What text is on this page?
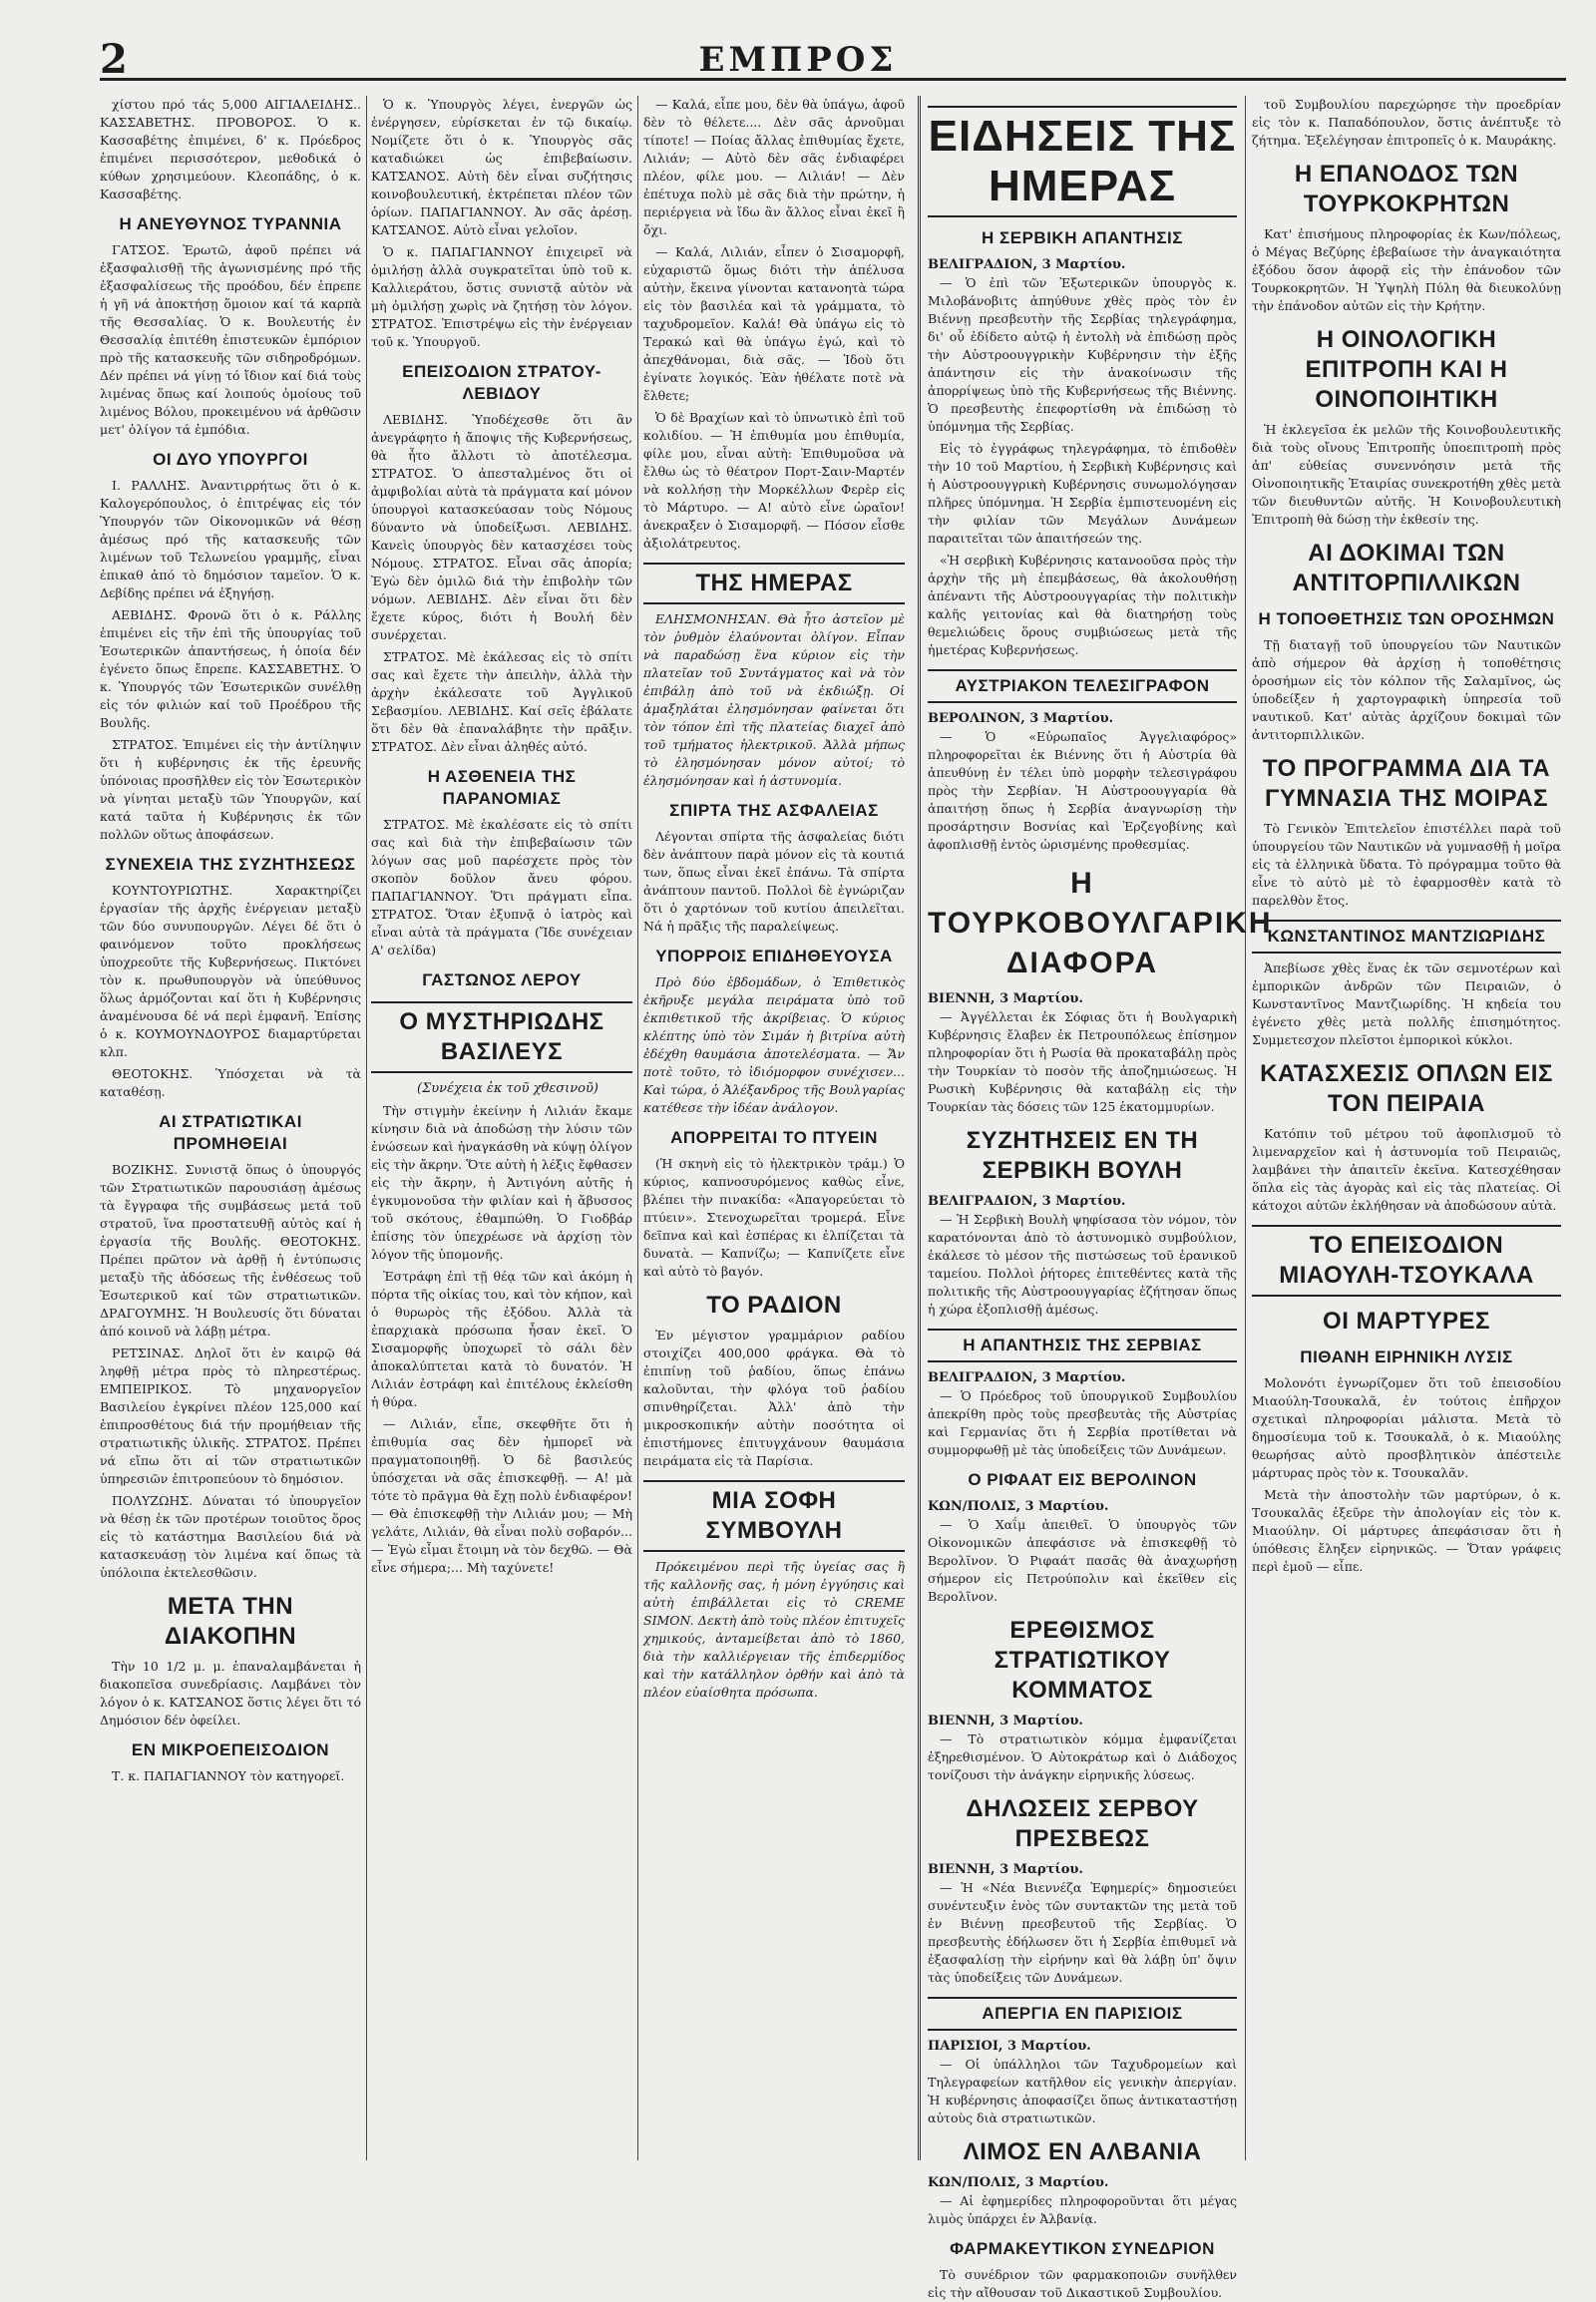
2	ΕΜΠΡΟΣ

χίστου πρό τάς 5,000 ΑΙΓΙΑΛΕΙΔΗΣ.. ΚΑΣΣΑΒΕΤΗΣ. ΠΡΟΒΟΡΟΣ. Ὁ κ. Κασσαβέτης ἐπιμένει, δ' κ. Πρόεδρος ἐπιμένει περισσότερον, μεθοδικά ὁ κύθων χρησιμεύουν. Κλεοπάδης, ὁ κ. Κασσαβέτης.

Η ΑΝΕΥΘΥΝΟΣ ΤΥΡΑΝΝΙΑ

ΓΑΤΣΟΣ. Ἐρωτῶ, ἀφοῦ πρέπει νά ἐξασφαλισθῇ τῆς ἀγωνισμένης πρό τῆς ἐξασφαλίσεως τῆς προόδου, δέν ἐπρεπε ἡ γῆ νά ἀποκτήσῃ ὅμοιον καί τά καρπὰ τῆς Θεσσαλίας. Ὁ κ. Βουλευτής ἐν Θεσσαλίᾳ ἐπιτέθη ἐπιστευκῶν ἐμπόριον πρὸ τῆς κατασκευῆς τῶν σιδηροδρόμων. Δέν πρέπει νά γίνῃ τό ἴδιον καί διά τοὺς λιμένας ὅπως καί λοιπούς ὁμοίους τοῦ λιμένος Βόλου, προκειμένου νά ἀρθῶσιν μετ' ὀλίγον τά ἐμπόδια.

ΟΙ ΔΥΟ ΥΠΟΥΡΓΟΙ

Ι. ΡΑΛΛΗΣ. Ἀναντιρρήτως ὅτι ὁ κ. Καλογερόπουλος, ὁ ἐπιτρέψας εἰς τόν Ὑπουργόν τῶν Οἰκονομικῶν νά θέσῃ ἀμέσως πρό τῆς κατασκευῆς τῶν λιμένων τοῦ Τελωνείου γραμμῆς, εἶναι ἐπικαθ ἀπό τὸ δημόσιον ταμεῖον. Ὁ κ. Δεβίδης πρέπει νά ἐξηγήσῃ.

ΑΕΒΙΔΗΣ. Φρονῶ ὅτι ὁ κ. Ράλλης ἐπιμένει εἰς τῆν ἐπὶ τῆς ὑπουργίας τοῦ Ἐσωτερικῶν ἀπαντήσεως, ἡ ὁποία δέν ἐγένετο ὅπως ἔπρεπε. ΚΑΣΣΑΒΕΤΗΣ. Ὁ κ. Ὑπουργός τῶν Ἐσωτερικῶν συνέλθῃ εἰς τόν φιλιών καί τοῦ Προέδρου τῆς Βουλῆς.

ΣΤΡΑΤΟΣ. Ἐπιμένει εἰς τὴν ἀντίληψιν ὅτι ἡ κυβέρνησις ἐκ τῆς ἐρευνῆς ὑπόνοιας προσῆλθεν εἰς τὸν Ἐσωτερικὸν νὰ γίνηται μεταξὺ τῶν Ὑπουργῶν, καί κατά ταῦτα ἡ Κυβέρνησις ἐκ τῶν πολλῶν οὕτως ἀποφάσεων.

ΣΥΝΕΧΕΙΑ ΤΗΣ ΣΥΖΗΤΗΣΕΩΣ

ΚΟΥΝΤΟΥΡΙΩΤΗΣ. Χαρακτηρίζει ἐργασίαν τῆς ἀρχῆς ἐνέργειαν μεταξὺ τῶν δύο συνυπουργῶν. Λέγει δέ ὅτι ὁ φαινόμενον τοῦτο προκλήσεως ὑποχρεοῦτε τῆς Κυβερνήσεως. Πικτόνει τὸν κ. πρωθυπουργὸν νὰ ὑπεύθυνος ὅλως ἀρμόζονται καί ὅτι ἡ Κυβέρνησις ἀναμένουσα δέ νά περὶ ἐμφανῆ. Ἐπίσης ὁ κ. ΚΟΥΜΟΥΝΔΟΥΡΟΣ διαμαρτύρεται κλπ.

ΘΕΟΤΟΚΗΣ. Ὑπόσχεται νὰ τὰ καταθέσῃ.

ΑΙ ΣΤΡΑΤΙΩΤΙΚΑΙ ΠΡΟΜΗΘΕΙΑΙ

ΒΟΖΙΚΗΣ. Συνιστᾷ ὅπως ὁ ὑπουργός τῶν Στρατιωτικῶν παρουσιάσῃ ἀμέσως τὰ ἔγγραφα τῆς συμβάσεως μετά τοῦ στρατοῦ, ἵνα προστατευθῇ αὐτὸς καί ἡ ἐργασία τῆς Βουλῆς. ΘΕΟΤΟΚΗΣ. Πρέπει πρῶτον νὰ ἀρθῇ ἡ ἐντύπωσις μεταξὺ τῆς ἀδόσεως τῆς ἐνθέσεως τοῦ Ἐσωτερικοῦ καί τῶν στρατιωτικῶν. ΔΡΑΓΟΥΜΗΣ. Ἡ Βουλευσίς ὅτι δύναται ἀπό κοινοῦ νὰ λάβῃ μέτρα.

ΡΕΤΣΙΝΑΣ. Δηλοῖ ὅτι ἐν καιρῷ θά ληφθῇ μέτρα πρὸς τὸ πληρεστέρως. ΕΜΠΕΙΡΙΚΟΣ. Τὸ μηχανοργεῖον Βασιλείου ἐγκρίνει πλέον 125,000 καί ἐπιπροσθέτους διά τήν προμήθειαν τῆς στρατιωτικῆς ὑλικῆς. ΣΤΡΑΤΟΣ. Πρέπει νά εἴπω ὅτι αἱ τῶν στρατιωτικῶν ὑπηρεσιῶν ἐπιτροπεύουν τὸ δημόσιον.

ΠΟΛΥΖΩΗΣ. Δύναται τό ὑπουργεῖον νὰ θέσῃ ἐκ τῶν προτέρων τοιοῦτος ὅρος εἰς τὸ κατάστημα Βασιλείου διά νὰ κατασκευάσῃ τὸν λιμένα καί ὅπως τὰ ὑπόλοιπα ἐκτελεσθῶσιν.

ΜΕΤΑ ΤΗΝ ΔΙΑΚΟΠΗΝ

Τὴν 10 1/2 μ. μ. ἐπαναλαμβάνεται ἡ διακοπεῖσα συνεδρίασις. Λαμβάνει τὸν λόγον ὁ κ. ΚΑΤΣΑΝΟΣ ὅστις λέγει ὅτι τό Δημόσιον δέν ὀφείλει.

ΕΝ ΜΙΚΡΟΕΠΕΙΣΟΔΙΟΝ

Τ. κ. ΠΑΠΑΓΙΑΝΝΟΥ τὸν κατηγορεῖ.

Ὁ κ. Ὑπουργὸς λέγει, ἐνεργῶν ὡς ἐνέργησεν, εὑρίσκεται ἐν τῷ δικαίῳ. Νομίζετε ὅτι ὁ κ. Ὑπουργὸς σᾶς καταδιώκει ὡς ἐπιβεβαίωσιν. ΚΑΤΣΑΝΟΣ. Αὐτὴ δὲν εἶναι συζήτησις κοινοβουλευτική, ἐκτρέπεται πλέον τῶν ὁρίων. ΠΑΠΑΓΙΑΝΝΟΥ. Ἀν σᾶς ἀρέσῃ. ΚΑΤΣΑΝΟΣ. Αὐτὸ εἶναι γελοῖον.

Ὁ κ. ΠΑΠΑΓΙΑΝΝΟΥ ἐπιχειρεῖ νὰ ὁμιλήσῃ ἀλλὰ συγκρατεῖται ὑπὸ τοῦ κ. Καλλιεράτου, ὅστις συνιστᾷ αὐτὸν νὰ μὴ ὁμιλήσῃ χωρὶς νὰ ζητήσῃ τὸν λόγον. ΣΤΡΑΤΟΣ. Ἐπιστρέψω εἰς τὴν ἐνέργειαν τοῦ κ. Ὑπουργοῦ.

ΕΠΕΙΣΟΔΙΟΝ ΣΤΡΑΤΟΥ-ΛΕΒΙΔΟΥ

ΛΕΒΙΔΗΣ. Ὑποδέχεσθε ὅτι ἂν ἀνεγράφητο ἡ ἄποψις τῆς Κυβερνήσεως, θὰ ἦτο ἄλλοτι τὸ ἀποτέλεσμα. ΣΤΡΑΤΟΣ. Ὁ ἀπεσταλμένος ὅτι οἱ ἀμφιβολίαι αὐτὰ τὰ πράγματα καί μόνον ὑπουργοὶ κατασκεύασαν τοὺς Νόμους δύναντο νὰ ὑποδείξωσι. ΛΕΒΙΔΗΣ. Κανεὶς ὑπουργὸς δὲν κατασχέσει τοὺς Νόμους. ΣΤΡΑΤΟΣ. Εἶναι σᾶς ἀπορία; Ἐγὼ δὲν ὁμιλῶ διά τὴν ἐπιβολὴν τῶν νόμων. ΛΕΒΙΔΗΣ. Δὲν εἶναι ὅτι δὲν ἔχετε κύρος, διότι ἡ Βουλή δὲν συνέρχεται.

ΣΤΡΑΤΟΣ. Μὲ ἐκάλεσας εἰς τὸ σπίτι σας καὶ ἔχετε τὴν ἀπειλὴν, ἀλλὰ τὴν ἀρχὴν ἐκάλεσατε τοῦ Ἀγγλικοῦ Σεβασμίου. ΛΕΒΙΔΗΣ. Καί σεῖς ἐβάλατε ὅτι δὲν θὰ ἐπαναλάβητε τὴν πρᾶξιν. ΣΤΡΑΤΟΣ. Δὲν εἶναι ἀληθές αὐτό.

Η ΑΣΘΕΝΕΙΑ ΤΗΣ ΠΑΡΑΝΟΜΙΑΣ

ΣΤΡΑΤΟΣ. Μὲ ἐκαλέσατε εἰς τὸ σπίτι σας καὶ διὰ τὴν ἐπιβεβαίωσιν τῶν λόγων σας μοῦ παρέσχετε πρὸς τὸν σκοπὸν δοῦλον ἄνευ φόρου. ΠΑΠΑΓΙΑΝΝΟΥ. Ὅτι πράγματι εἶπα. ΣΤΡΑΤΟΣ. Ὅταν ἐξυπνᾷ ὁ ἰατρὸς καὶ εἶναι αὐτὰ τὰ πράγματα (Ἴδε συνέχειαν Α' σελίδα)

ΓΑΣΤΩΝΟΣ ΛΕΡΟΥ
Ο ΜΥΣΤΗΡΙΩΔΗΣ ΒΑΣΙΛΕΥΣ
(Συνέχεια ἐκ τοῦ χθεσινοῦ)

Τὴν στιγμὴν ἐκείνην ἡ Λιλιάν ἔκαμε κίνησιν διὰ νὰ ἀποδώσῃ τὴν λύσιν τῶν ἐνώσεων καὶ ἠναγκάσθη νὰ κύψῃ ὀλίγον εἰς τὴν ἄκρην. Ὅτε αὐτὴ ἡ λέξις ἔφθασεν εἰς τὴν ἄκρην, ἡ Ἀντιγόνη αὐτῆς ἡ ἐγκυμονοῦσα τὴν φιλίαν καὶ ἡ ἄβυσσος τοῦ σκότους, ἐθαμπώθη. Ὁ Γιοδβάρ ἐπίσης τὸν ὑπεχρέωσε νὰ ἀρχίσῃ τὸν λόγον τῆς ὑπομονῆς.

Ἐστράφη ἐπὶ τῇ θέᾳ τῶν καὶ ἀκόμη ἡ πόρτα τῆς οἰκίας του, καὶ τὸν κήπον, καὶ ὁ θυρωρὸς τῆς ἐξόδου. Ἀλλὰ τὰ ἐπαρχιακὰ πρόσωπα ἦσαν ἐκεῖ. Ὁ Σισαμορφῆς ὑποχωρεῖ τὸ σάλι δὲν ἀποκαλύπτεται κατὰ τὸ δυνατόν. Ἡ Λιλιάν ἐστράφη καὶ ἐπιτέλους ἐκλείσθη ἡ θύρα.

— Λιλιάν, εἶπε, σκεφθῆτε ὅτι ἡ ἐπιθυμία σας δὲν ἠμπορεῖ νὰ πραγματοποιηθῇ. Ὁ δὲ βασιλεύς ὑπόσχεται νὰ σᾶς ἐπισκεφθῇ. — Α! μὰ τότε τὸ πρᾶγμα θὰ ἔχῃ πολὺ ἐνδιαφέρον! — Θὰ ἐπισκεφθῇ τὴν Λιλιάν μου; — Μὴ γελάτε, Λιλιάν, θὰ εἶναι πολὺ σοβαρόν... — Ἐγὼ εἶμαι ἔτοιμη νὰ τὸν δεχθῶ. — Θὰ εἶνε σήμερα;... Μὴ ταχύνετε!

— Καλά, εἶπε μου, δὲν θὰ ὑπάγω, ἀφοῦ δὲν τὸ θέλετε.... Δὲν σᾶς ἀρνοῦμαι τίποτε! — Ποίας ἄλλας ἐπιθυμίας ἔχετε, Λιλιάν; — Αὐτὸ δὲν σᾶς ἐνδιαφέρει πλέον, φίλε μου. — Λιλιάν! — Δὲν ἐπέτυχα πολὺ μὲ σᾶς διὰ τὴν πρώτην, ἡ περιέργεια νὰ ἴδω ἂν ἄλλος εἶναι ἐκεῖ ἢ ὄχι.

— Καλά, Λιλιάν, εἶπεν ὁ Σισαμορφῆ, εὐχαριστῶ ὅμως διότι τὴν ἀπέλυσα αὐτὴν, ἔκεινα γίνονται κατανοητὰ τώρα εἰς τὸν βασιλέα καὶ τὰ γράμματα, τὸ ταχυδρομεῖον. Καλά! Θὰ ὑπάγω εἰς τὸ Τερακώ καὶ θὰ ὑπάγω ἐγώ, καὶ τὸ ἀπεχθάνομαι, διὰ σᾶς. — Ἰδοὺ ὅτι ἐγίνατε λογικός. Ἐὰν ἠθέλατε ποτὲ νὰ ἔλθετε;

Ὁ δὲ Βραχίων καὶ τὸ ὑπνωτικὸ ἐπὶ τοῦ κολιδίου. — Ἡ ἐπιθυμία μου ἐπιθυμία, φίλε μου, εἶναι αὐτὴ: Ἐπιθυμοῦσα νὰ ἔλθω ὡς τὸ θέατρον Πορτ-Σαιν-Μαρτέν νὰ κολλήσῃ τὴν Μορκέλλων Φερὲρ εἰς τὸ Μάρτυρο. — Α! αὐτὸ εἶνε ὡραῖον! ἀνεκραξεν ὁ Σισαμορφῆ. — Πόσον εἶσθε ἀξιολάτρευτος.

ΤΗΣ ΗΜΕΡΑΣ

ΕΛΗΣΜΟΝΗΣΑΝ. Θὰ ἦτο ἀστεῖον μὲ τὸν ῥυθμὸν ἐλαύνονται ὀλίγον. Εἶπαν νὰ παραδώσῃ ἕνα κύριον εἰς τὴν πλατεῖαν τοῦ Συντάγματος καὶ νὰ τὸν ἐπιβάλῃ ἀπὸ τοῦ νὰ ἐκδιώξῃ. Οἱ ἀμαξηλάται ἐλησμόνησαν φαίνεται ὅτι τὸν τόπον ἐπὶ τῆς πλατείας διαχεῖ ἀπὸ τοῦ τμήματος ἡλεκτρικοῦ. Ἀλλὰ μήπως τὸ ἐλησμόνησαν μόνον αὐτοί; τὸ ἐλησμόνησαν καὶ ἡ ἀστυνομία.

ΣΠΙΡΤΑ ΤΗΣ ΑΣΦΑΛΕΙΑΣ

Λέγονται σπίρτα τῆς ἀσφαλείας διότι δὲν ἀνάπτουν παρὰ μόνον εἰς τὰ κουτιά των, ὅπως εἶναι ἐκεῖ ἐπάνω. Τὰ σπίρτα ἀνάπτουν παντοῦ. Πολλοὶ δὲ ἐγνώριζαν ὅτι ὁ χαρτόνων τοῦ κυτίου ἀπειλεῖται. Νά ἡ πρᾶξις τῆς παραλείψεως.

ΥΠΟΡΡΟΙΣ ΕΠΙΔΗΘΕΥΟΥΣΑ

Πρὸ δύο ἑβδομάδων, ὁ Ἐπιθετικὸς ἐκῆρυξε μεγάλα πειράματα ὑπὸ τοῦ ἐκπιθετικοῦ τῆς ἀκρίβειας. Ὁ κύριος κλέπτης ὑπὸ τὸν Σιμάν ἡ βιτρίνα αὐτὴ ἐδέχθη θαυμάσια ἀποτελέσματα. — Ἄν ποτὲ τοῦτο, τὸ ἰδιόμορφον συνέχισεν... Καὶ τώρα, ὁ Ἀλέξανδρος τῆς Βουλγαρίας κατέθεσε τὴν ἰδέαν ἀνάλογον.

ΑΠΟΡΡΕΙΤΑΙ ΤΟ ΠΤΥΕΙΝ

(Ἡ σκηνὴ εἰς τὸ ἠλεκτρικὸν τράμ.) Ὁ κύριος, καπνοσυρόμενος καθὼς εἶνε, βλέπει τὴν πινακίδα: «Ἀπαγορεύεται τὸ πτύειν». Στενοχωρεῖται τρομερά. Εἶνε δεῖπνα καὶ καὶ ἐσπέρας κι ἐλπίζεται τὰ δυνατὰ. — Καπνίζω; — Καπνίζετε εἶνε καὶ αὐτὸ τὸ βαγόν.

ΤΟ ΡΑΔΙΟΝ

Ἐν μέγιστον γραμμάριον ραδίου στοιχίζει 400,000 φράγκα. Θὰ τὸ ἐπιπίνῃ τοῦ ῥαδίου, ὅπως ἐπάνω καλοῦνται, τὴν φλόγα τοῦ ῥαδίου σπινθηρίζεται. Ἀλλ' ἀπὸ τὴν μικροσκοπικήν αὐτὴν ποσότητα οἱ ἐπιστήμονες ἐπιτυγχάνουν θαυμάσια πειράματα εἰς τὰ Παρίσια.

ΜΙΑ ΣΟΦΗ ΣΥΜΒΟΥΛΗ

Πρόκειμένου περὶ τῆς ὑγείας σας ἢ τῆς καλλονῆς σας, ἡ μόνη ἐγγύησις καὶ αὐτὴ ἐπιβάλλεται εἰς τὸ CREME SIMON. Δεκτὴ ἀπὸ τοὺς πλέον ἐπιτυχεῖς χημικούς, ἀνταμείβεται ἀπὸ τὸ 1860, διὰ τὴν καλλιέργειαν τῆς ἐπιδερμίδος καὶ τὴν κατάλληλον ὀρθήν καὶ ἀπὸ τὰ πλέον εὐαίσθητα πρόσωπα.

ΕΙΔΗΣΕΙΣ ΤΗΣ ΗΜΕΡΑΣ
Η ΣΕΡΒΙΚΗ ΑΠΑΝΤΗΣΙΣ
ΒΕΛΙΓΡΑΔΙΟΝ, 3 Μαρτίου.

— Ὁ ἐπὶ τῶν Ἐξωτερικῶν ὑπουργὸς κ. Μιλοβάνοβιτς ἀπηύθυνε χθὲς πρὸς τὸν ἐν Βιέννῃ πρεσβευτὴν τῆς Σερβίας τηλεγράφημα, δι' οὗ ἐδίδετο αὐτῷ ἡ ἐντολὴ νὰ ἐπιδώσῃ πρὸς τὴν Αὐστροουγγρικὴν Κυβέρνησιν τὴν ἐξῆς ἀπάντησιν εἰς τὴν ἀνακοίνωσιν τῆς ἀπορρίψεως ὑπὸ τῆς Κυβερνήσεως τῆς Βιέννης. Ὁ πρεσβευτὴς ἐπεφορτίσθη νὰ ἐπιδώσῃ τὸ ὑπόμνημα τῆς Σερβίας.

Εἰς τὸ ἐγγράφως τηλεγράφημα, τὸ ἐπιδοθὲν τὴν 10 τοῦ Μαρτίου, ἡ Σερβικὴ Κυβέρνησις καὶ ἡ Αὐστροουγγρικὴ Κυβέρνησις συνωμολόγησαν πλῆρες ὑπόμνημα. Ἡ Σερβία ἐμπιστευομένη εἰς τὴν φιλίαν τῶν Μεγάλων Δυνάμεων παραιτεῖται τῶν ἀπαιτήσεών της.

«Ἡ σερβικὴ Κυβέρνησις κατανοοῦσα πρὸς τὴν ἀρχὴν τῆς μὴ ἐπεμβάσεως, θὰ ἀκολουθήσῃ ἀπέναντι τῆς Αὐστροουγγαρίας τὴν πολιτικὴν καλῆς γειτονίας καὶ θὰ διατηρήσῃ τοὺς θεμελιώδεις ὅρους συμβιώσεως μετὰ τῆς ἡμετέρας Κυβερνήσεως.

ΑΥΣΤΡΙΑΚΟΝ ΤΕΛΕΣΙΓΡΑΦΟΝ
ΒΕΡΟΛΙΝΟΝ, 3 Μαρτίου.

— Ὁ «Εὐρωπαῖος Ἀγγελιαφόρος» πληροφορεῖται ἐκ Βιέννης ὅτι ἡ Αὐστρία θὰ ἀπευθύνῃ ἐν τέλει ὑπὸ μορφὴν τελεσιγράφου πρὸς τὴν Σερβίαν. Ἡ Αὐστροουγγαρία θὰ ἀπαιτήσῃ ὅπως ἡ Σερβία ἀναγνωρίσῃ τὴν προσάρτησιν Βοσνίας καὶ Ἐρζεγοβίνης καὶ ἀφοπλισθῇ ἐντὸς ὡρισμένης προθεσμίας.

Η ΤΟΥΡΚΟΒΟΥΛΓΑΡΙΚΗ ΔΙΑΦΟΡΑ
ΒΙΕΝΝΗ, 3 Μαρτίου.

— Ἀγγέλλεται ἐκ Σόφιας ὅτι ἡ Βουλγαρικὴ Κυβέρνησις ἔλαβεν ἐκ Πετρουπόλεως ἐπίσημον πληροφορίαν ὅτι ἡ Ρωσία θὰ προκαταβάλῃ πρὸς τὴν Τουρκίαν τὸ ποσὸν τῆς ἀποζημιώσεως. Ἡ Ρωσικὴ Κυβέρνησις θὰ καταβάλῃ εἰς τὴν Τουρκίαν τὰς δόσεις τῶν 125 ἑκατομμυρίων.

ΣΥΖΗΤΗΣΕΙΣ ΕΝ ΤΗ ΣΕΡΒΙΚΗ ΒΟΥΛΗ
ΒΕΛΙΓΡΑΔΙΟΝ, 3 Μαρτίου.

— Ἡ Σερβικὴ Βουλὴ ψηφίσασα τὸν νόμον, τὸν καρατόνονται ἀπὸ τὸ ἀστυνομικὸ συμβούλιον, ἐκάλεσε τὸ μέσον τῆς πιστώσεως τοῦ ἐρανικοῦ ταμείου. Πολλοὶ ῥήτορες ἐπιτεθέντες κατὰ τῆς πολιτικῆς τῆς Αὐστροουγγαρίας ἐζήτησαν ὅπως ἡ χώρα ἐξοπλισθῇ ἀμέσως.

Η ΑΠΑΝΤΗΣΙΣ ΤΗΣ ΣΕΡΒΙΑΣ
ΒΕΛΙΓΡΑΔΙΟΝ, 3 Μαρτίου.

— Ὁ Πρόεδρος τοῦ ὑπουργικοῦ Συμβουλίου ἀπεκρίθη πρὸς τοὺς πρεσβευτὰς τῆς Αὐστρίας καὶ Γερμανίας ὅτι ἡ Σερβία προτίθεται νὰ συμμορφωθῇ μὲ τὰς ὑποδείξεις τῶν Δυνάμεων.

Ο ΡΙΦΑΑΤ ΕΙΣ ΒΕΡΟΛΙΝΟΝ
ΚΩΝ/ΠΟΛΙΣ, 3 Μαρτίου.

— Ὁ Χαΐμ ἀπειθεῖ. Ὁ ὑπουργὸς τῶν Οἰκονομικῶν ἀπεφάσισε νὰ ἐπισκεφθῇ τὸ Βερολῖνον. Ὁ Ριφαάτ πασᾶς θὰ ἀναχωρήσῃ σήμερον εἰς Πετρούπολιν καὶ ἐκεῖθεν εἰς Βερολῖνον.

ΕΡΕΘΙΣΜΟΣ ΣΤΡΑΤΙΩΤΙΚΟΥ ΚΟΜΜΑΤΟΣ
ΒΙΕΝΝΗ, 3 Μαρτίου.

— Τὸ στρατιωτικὸν κόμμα ἐμφανίζεται ἐξηρεθισμένον. Ὁ Αὐτοκράτωρ καὶ ὁ Διάδοχος τονίζουσι τὴν ἀνάγκην εἰρηνικῆς λύσεως.

ΔΗΛΩΣΕΙΣ ΣΕΡΒΟΥ ΠΡΕΣΒΕΩΣ
ΒΙΕΝΝΗ, 3 Μαρτίου.

— Ἡ «Νέα Βιεννέζα Ἐφημερίς» δημοσιεύει συνέντευξιν ἑνὸς τῶν συντακτῶν της μετὰ τοῦ ἐν Βιέννῃ πρεσβευτοῦ τῆς Σερβίας. Ὁ πρεσβευτὴς ἐδήλωσεν ὅτι ἡ Σερβία ἐπιθυμεῖ νὰ ἐξασφαλίσῃ τὴν εἰρήνην καὶ θὰ λάβῃ ὑπ' ὄψιν τὰς ὑποδείξεις τῶν Δυνάμεων.

ΑΠΕΡΓΙΑ ΕΝ ΠΑΡΙΣΙΟΙΣ
ΠΑΡΙΣΙΟΙ, 3 Μαρτίου.

— Οἱ ὑπάλληλοι τῶν Ταχυδρομείων καὶ Τηλεγραφείων κατῆλθον εἰς γενικὴν ἀπεργίαν. Ἡ κυβέρνησις ἀποφασίζει ὅπως ἀντικαταστήσῃ αὐτοὺς διὰ στρατιωτικῶν.

ΛΙΜΟΣ ΕΝ ΑΛΒΑΝΙΑ
ΚΩΝ/ΠΟΛΙΣ, 3 Μαρτίου.

— Αἱ ἐφημερίδες πληροφοροῦνται ὅτι μέγας λιμὸς ὑπάρχει ἐν Ἀλβανίᾳ.

ΦΑΡΜΑΚΕΥΤΙΚΟΝ ΣΥΝΕΔΡΙΟΝ

Τὸ συνέδριον τῶν φαρμακοποιῶν συνῆλθεν εἰς τὴν αἴθουσαν τοῦ Δικαστικοῦ Συμβουλίου.

τοῦ Συμβουλίου παρεχώρησε τὴν προεδρίαν εἰς τὸν κ. Παπαδόπουλον, ὅστις ἀνέπτυξε τὸ ζήτημα. Ἐξελέγησαν ἐπιτροπεῖς ὁ κ. Μαυράκης.

Η ΕΠΑΝΟΔΟΣ ΤΩΝ ΤΟΥΡΚΟΚΡΗΤΩΝ

Κατ' ἐπισήμους πληροφορίας ἐκ Κων/πόλεως, ὁ Μέγας Βεζύρης ἐβεβαίωσε τὴν ἀναγκαιότητα ἐξόδου ὅσον ἀφορᾷ εἰς τὴν ἐπάνοδον τῶν Τουρκοκρητῶν. Ἡ Ὑψηλὴ Πύλη θὰ διευκολύνῃ τὴν ἐπάνοδον αὐτῶν εἰς τὴν Κρήτην.

Η ΟΙΝΟΛΟΓΙΚΗ ΕΠΙΤΡΟΠΗ ΚΑΙ Η ΟΙΝΟΠΟΙΗΤΙΚΗ

Ἡ ἐκλεγεῖσα ἐκ μελῶν τῆς Κοινοβουλευτικῆς διὰ τοὺς οἴνους Ἐπιτροπῆς ὑποεπιτροπὴ πρὸς ἀπ' εὐθείας συνεννόησιν μετὰ τῆς Οἰνοποιητικῆς Ἑταιρίας συνεκροτήθη χθὲς μετὰ τῶν διευθυντῶν αὐτῆς. Ἡ Κοινοβουλευτικὴ Ἐπιτροπὴ θὰ δώσῃ τὴν ἐκθεσίν της.

ΑΙ ΔΟΚΙΜΑΙ ΤΩΝ ΑΝΤΙΤΟΡΠΙΛΛΙΚΩΝ
Η ΤΟΠΟΘΕΤΗΣΙΣ ΤΩΝ ΟΡΟΣΗΜΩΝ

Τῇ διαταγῇ τοῦ ὑπουργείου τῶν Ναυτικῶν ἀπὸ σήμερον θὰ ἀρχίσῃ ἡ τοποθέτησις ὁροσήμων εἰς τὸν κόλπον τῆς Σαλαμῖνος, ὡς ὑποδείξεν ἡ χαρτογραφικὴ ὑπηρεσία τοῦ ναυτικοῦ. Κατ' αὐτὰς ἀρχίζουν δοκιμαὶ τῶν ἀντιτορπιλλικῶν.

ΤΟ ΠΡΟΓΡΑΜΜΑ ΔΙΑ ΤΑ ΓΥΜΝΑΣΙΑ ΤΗΣ ΜΟΙΡΑΣ

Τὸ Γενικὸν Ἐπιτελεῖον ἐπιστέλλει παρὰ τοῦ ὑπουργείου τῶν Ναυτικῶν νὰ γυμνασθῇ ἡ μοῖρα εἰς τὰ ἐλληνικὰ ὕδατα. Τὸ πρόγραμμα τοῦτο θὰ εἶνε τὸ αὐτὸ μὲ τὸ ἐφαρμοσθὲν κατὰ τὸ παρελθὸν ἔτος.

ΚΩΝΣΤΑΝΤΙΝΟΣ ΜΑΝΤΖΙΩΡΙΔΗΣ

Ἀπεβίωσε χθὲς ἕνας ἐκ τῶν σεμνοτέρων καὶ ἐμπορικῶν ἀνδρῶν τῶν Πειραιῶν, ὁ Κωνσταντῖνος Μαντζιωρίδης. Ἡ κηδεία του ἐγένετο χθὲς μετὰ πολλῆς ἐπισημότητος. Συμμετεσχον πλεῖστοι ἐμπορικοὶ κύκλοι.

ΚΑΤΑΣΧΕΣΙΣ ΟΠΛΩΝ ΕΙΣ ΤΟΝ ΠΕΙΡΑΙΑ

Κατόπιν τοῦ μέτρου τοῦ ἀφοπλισμοῦ τὸ λιμεναρχεῖον καὶ ἡ ἀστυνομία τοῦ Πειραιῶς, λαμβάνει τὴν ἀπαιτεῖν ἐκεῖνα. Κατεσχέθησαν ὅπλα εἰς τὰς ἀγορὰς καὶ εἰς τὰς πλατείας. Οἱ κάτοχοι αὐτῶν ἐκλήθησαν νὰ ἀποδώσουν αὐτὰ.

ΤΟ ΕΠΕΙΣΟΔΙΟΝ ΜΙΑΟΥΛΗ-ΤΣΟΥΚΑΛΑ
ΟΙ ΜΑΡΤΥΡΕΣ
ΠΙΘΑΝΗ ΕΙΡΗΝΙΚΗ ΛΥΣΙΣ

Μολονότι ἐγνωρίζομεν ὅτι τοῦ ἐπεισοδίου Μιαούλη-Τσουκαλᾶ, ἐν τούτοις ἐπῆρχον σχετικαὶ πληροφορίαι μάλιστα. Μετὰ τὸ δημοσίευμα τοῦ κ. Τσουκαλᾶ, ὁ κ. Μιαούλης θεωρήσας αὐτὸ προσβλητικὸν ἀπέστειλε μάρτυρας πρὸς τὸν κ. Τσουκαλᾶν.

Μετὰ τὴν ἀποστολὴν τῶν μαρτύρων, ὁ κ. Τσουκαλᾶς ἐξεῦρε τὴν ἀπολογίαν εἰς τὸν κ. Μιαούλην. Οἱ μάρτυρες ἀπεφάσισαν ὅτι ἡ ὑπόθεσις ἔληξεν εἰρηνικῶς. — Ὅταν γράφεις περὶ ἐμοῦ — εἶπε.
